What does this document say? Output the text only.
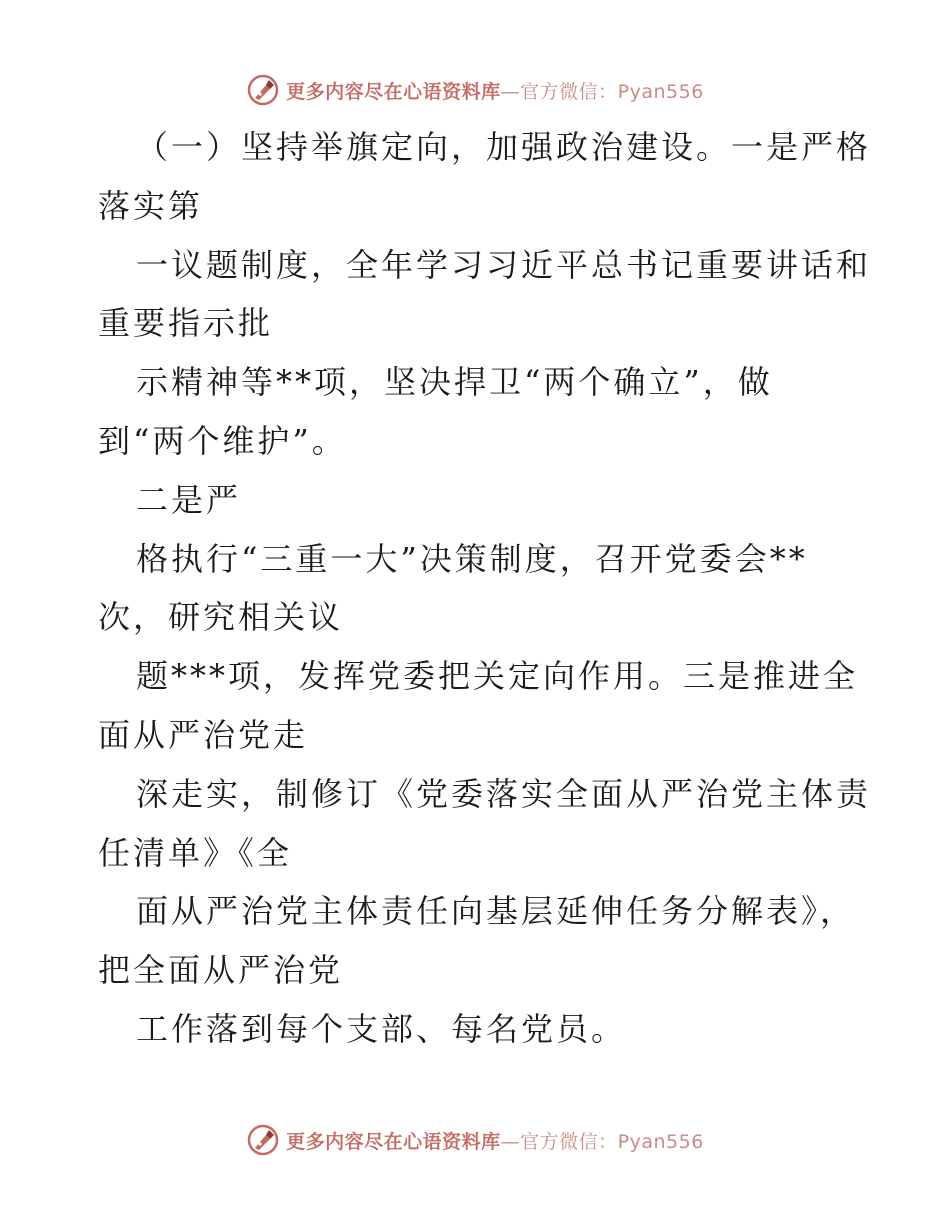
更多内容尽在心语资料库—官方微信：Pyan556
（一）坚持举旗定向，加强政治建设。一是严格
落实第
一议题制度，全年学习习近平总书记重要讲话和
重要指示批
示精神等**项，坚决捍卫“两个确立”，做
到“两个维护”。
二是严
格执行“三重一大”决策制度，召开党委会**
次，研究相关议
题***项，发挥党委把关定向作用。三是推进全
面从严治党走
深走实，制修订《党委落实全面从严治党主体责
任清单》《全
面从严治党主体责任向基层延伸任务分解表》，
把全面从严治党
工作落到每个支部、每名党员。
更多内容尽在心语资料库—官方微信：Pyan556
